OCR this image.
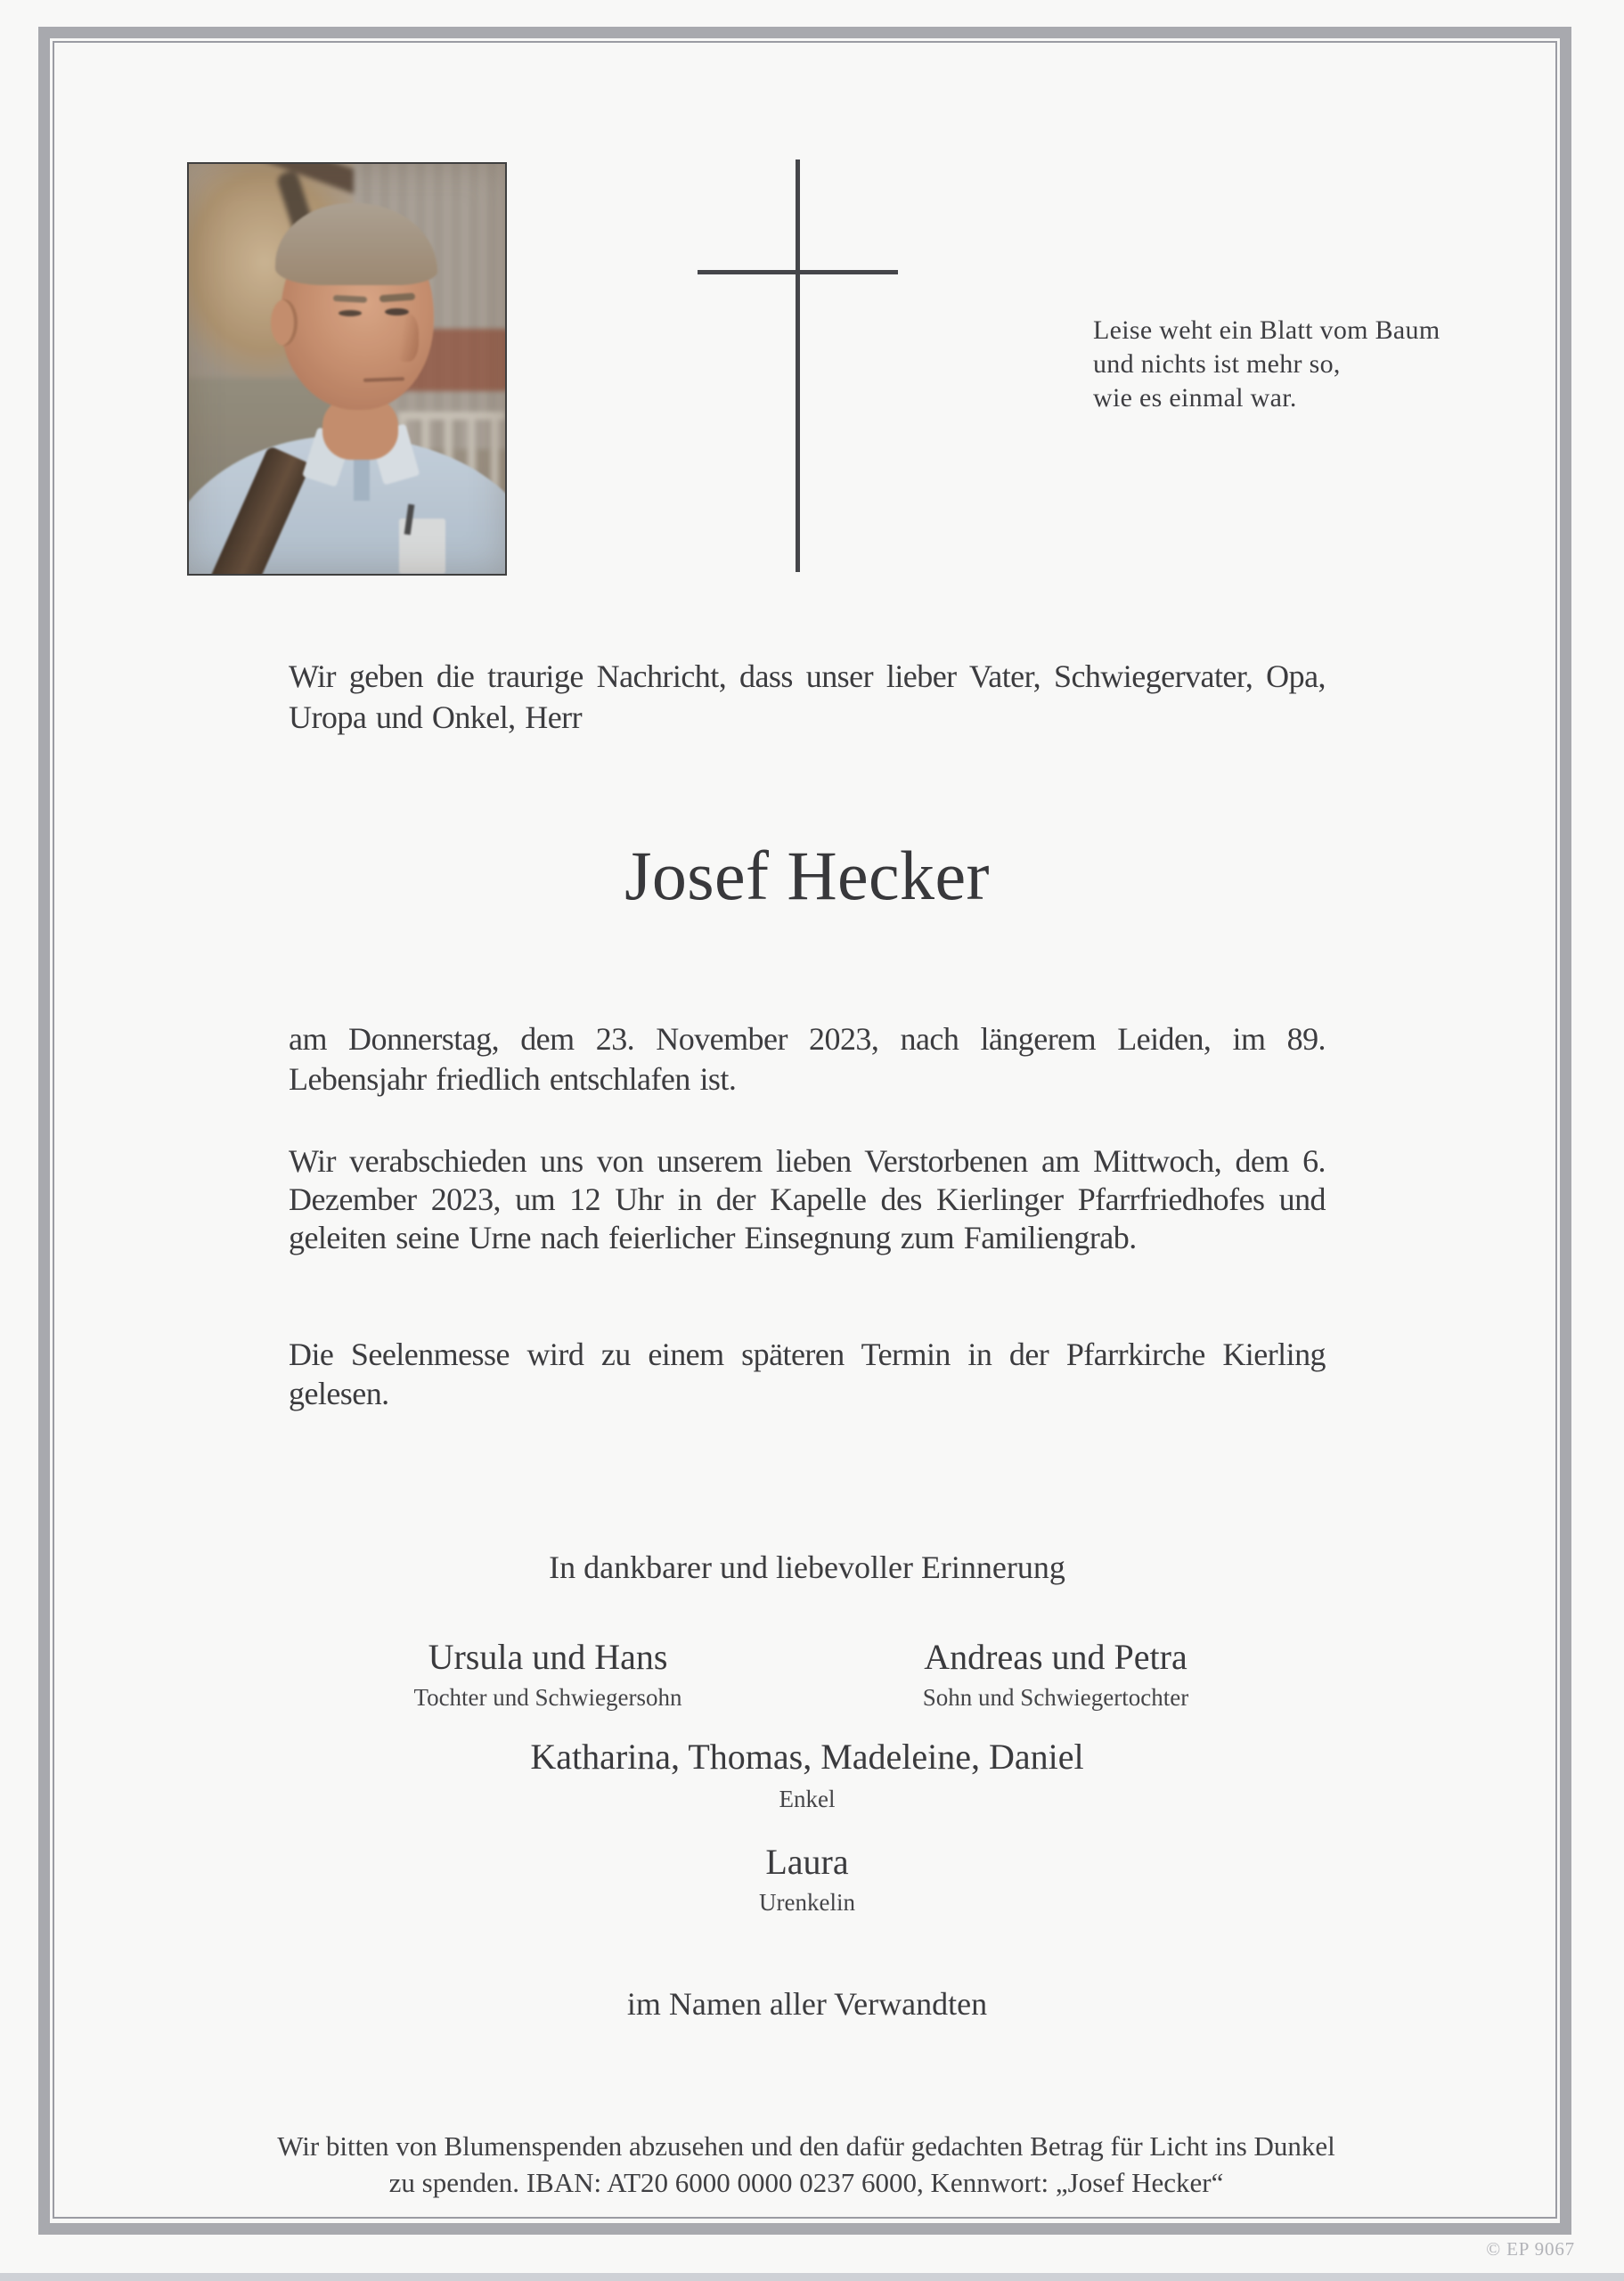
Leise weht ein Blatt vom Baum
und nichts ist mehr so,
wie es einmal war.
Wir geben die traurige Nachricht, dass unser lieber Vater, Schwiegervater, Opa, Uropa und Onkel, Herr
Josef Hecker
am Donnerstag, dem 23. November 2023, nach längerem Leiden, im 89. Lebensjahr friedlich entschlafen ist.
Wir verabschieden uns von unserem lieben Verstorbenen am Mittwoch, dem 6. Dezember 2023, um 12 Uhr in der Kapelle des Kierlinger Pfarrfriedhofes und geleiten seine Urne nach feierlicher Einsegnung zum Familiengrab.
Die Seelenmesse wird zu einem späteren Termin in der Pfarrkirche Kierling gelesen.
In dankbarer und liebevoller Erinnerung
Ursula und Hans
Tochter und Schwiegersohn
Andreas und Petra
Sohn und Schwiegertochter
Katharina, Thomas, Madeleine, Daniel
Enkel
Laura
Urenkelin
im Namen aller Verwandten
Wir bitten von Blumenspenden abzusehen und den dafür gedachten Betrag für Licht ins Dunkel
zu spenden. IBAN: AT20 6000 0000 0237 6000, Kennwort: „Josef Hecker“
© EP 9067
